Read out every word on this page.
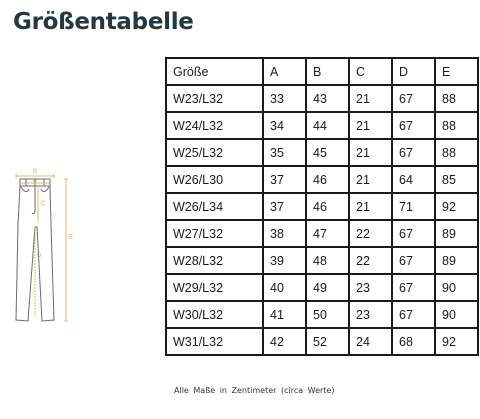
Größentabelle
B
A
C
D
E
Größe	A	B	C	D	E
W23/L32	33	43	21	67	88
W24/L32	34	44	21	67	88
W25/L32	35	45	21	67	88
W26/L30	37	46	21	64	85
W26/L34	37	46	21	71	92
W27/L32	38	47	22	67	89
W28/L32	39	48	22	67	89
W29/L32	40	49	23	67	90
W30/L32	41	50	23	67	90
W31/L32	42	52	24	68	92
Alle Maße in Zentimeter (circa Werte)
